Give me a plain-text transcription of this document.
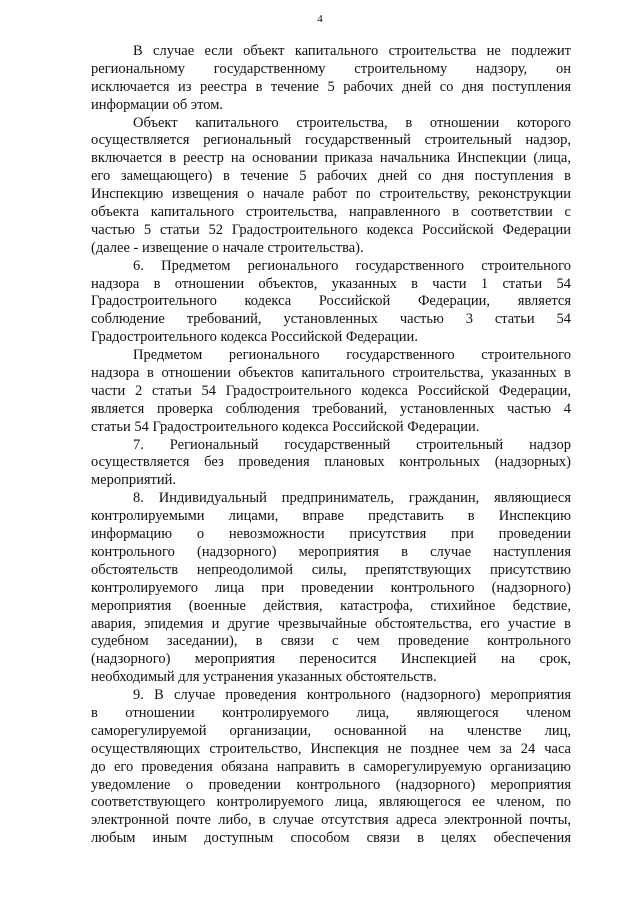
4
В случае если объект капитального строительства не подлежит
региональному государственному строительному надзору, он
исключается из реестра в течение 5 рабочих дней со дня поступления
информации об этом.
Объект капитального строительства, в отношении которого
осуществляется региональный государственный строительный надзор,
включается в реестр на основании приказа начальника Инспекции (лица,
его замещающего) в течение 5 рабочих дней со дня поступления в
Инспекцию извещения о начале работ по строительству, реконструкции
объекта капитального строительства, направленного в соответствии с
частью 5 статьи 52 Градостроительного кодекса Российской Федерации
(далее - извещение о начале строительства).
6. Предметом регионального государственного строительного
надзора в отношении объектов, указанных в части 1 статьи 54
Градостроительного кодекса Российской Федерации, является
соблюдение требований, установленных частью 3 статьи 54
Градостроительного кодекса Российской Федерации.
Предметом регионального государственного строительного
надзора в отношении объектов капитального строительства, указанных в
части 2 статьи 54 Градостроительного кодекса Российской Федерации,
является проверка соблюдения требований, установленных частью 4
статьи 54 Градостроительного кодекса Российской Федерации.
7. Региональный государственный строительный надзор
осуществляется без проведения плановых контрольных (надзорных)
мероприятий.
8. Индивидуальный предприниматель, гражданин, являющиеся
контролируемыми лицами, вправе представить в Инспекцию
информацию о невозможности присутствия при проведении
контрольного (надзорного) мероприятия в случае наступления
обстоятельств непреодолимой силы, препятствующих присутствию
контролируемого лица при проведении контрольного (надзорного)
мероприятия (военные действия, катастрофа, стихийное бедствие,
авария, эпидемия и другие чрезвычайные обстоятельства, его участие в
судебном заседании), в связи с чем проведение контрольного
(надзорного) мероприятия переносится Инспекцией на срок,
необходимый для устранения указанных обстоятельств.
9. В случае проведения контрольного (надзорного) мероприятия
в отношении контролируемого лица, являющегося членом
саморегулируемой организации, основанной на членстве лиц,
осуществляющих строительство, Инспекция не позднее чем за 24 часа
до его проведения обязана направить в саморегулируемую организацию
уведомление о проведении контрольного (надзорного) мероприятия
соответствующего контролируемого лица, являющегося ее членом, по
электронной почте либо, в случае отсутствия адреса электронной почты,
любым иным доступным способом связи в целях обеспечения
